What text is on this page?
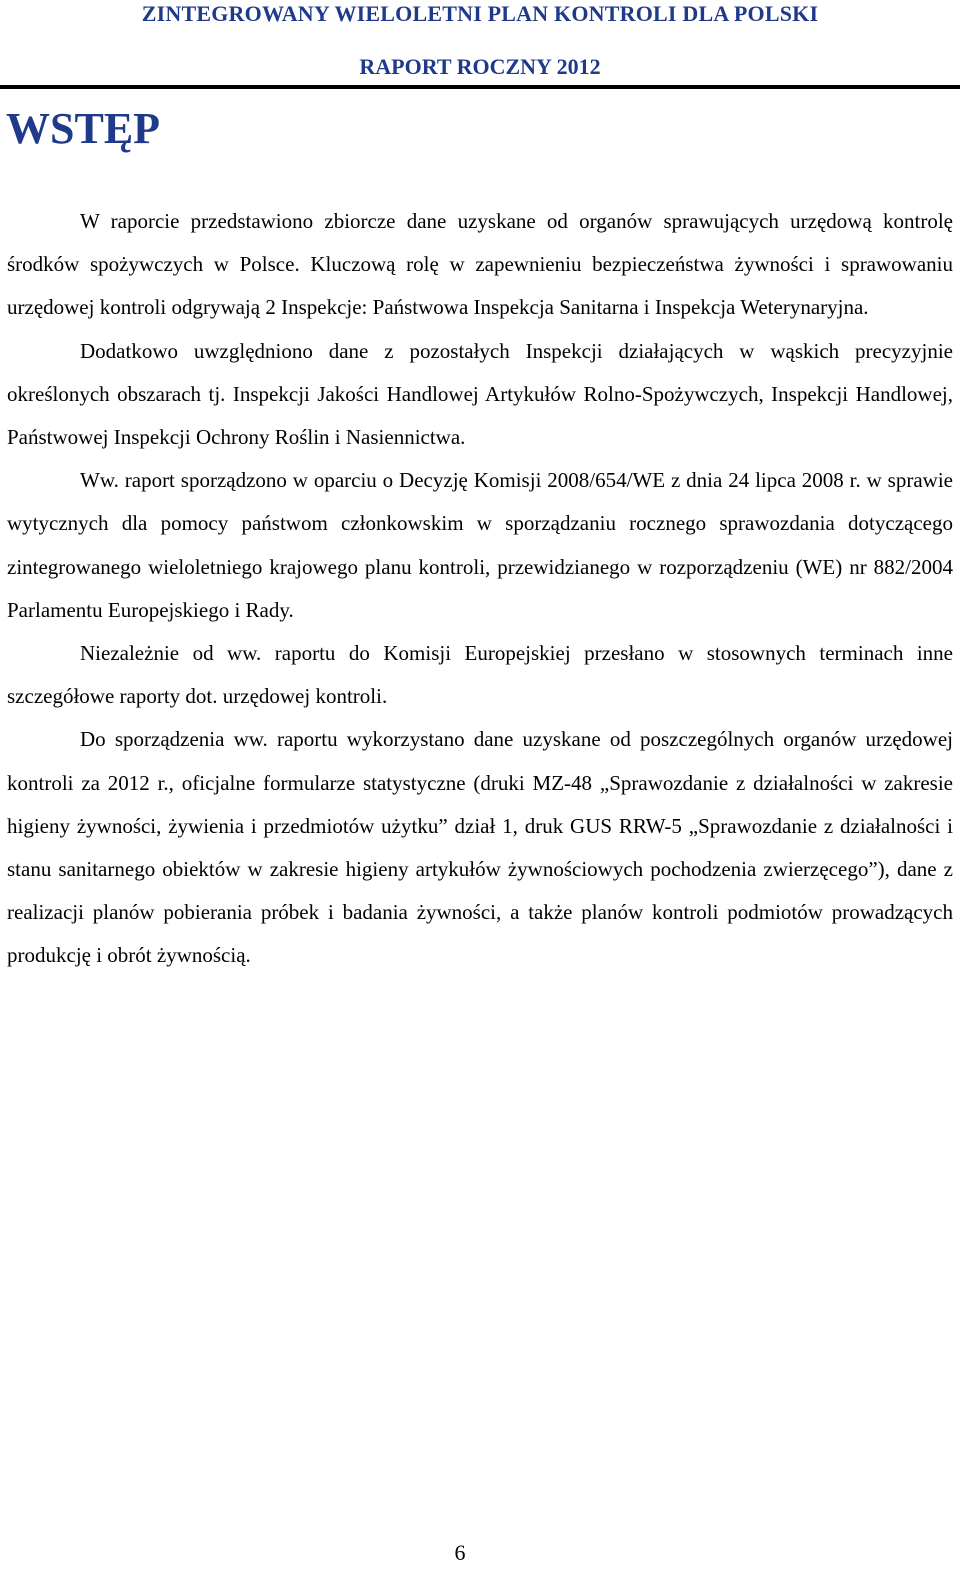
ZINTEGROWANY WIELOLETNI PLAN KONTROLI DLA POLSKI
RAPORT ROCZNY 2012
WSTĘP

W raporcie przedstawiono zbiorcze dane uzyskane od organów sprawujących urzędową kontrolę środków spożywczych w Polsce. Kluczową rolę w zapewnieniu bezpieczeństwa żywności i sprawowaniu urzędowej kontroli odgrywają 2 Inspekcje: Państwowa Inspekcja Sanitarna i Inspekcja Weterynaryjna.

Dodatkowo uwzględniono dane z pozostałych Inspekcji działających w wąskich precyzyjnie określonych obszarach tj. Inspekcji Jakości Handlowej Artykułów Rolno-Spożywczych, Inspekcji Handlowej, Państwowej Inspekcji Ochrony Roślin i Nasiennictwa.

Ww. raport sporządzono w oparciu o Decyzję Komisji 2008/654/WE z dnia 24 lipca 2008 r. w sprawie wytycznych dla pomocy państwom członkowskim w sporządzaniu rocznego sprawozdania dotyczącego zintegrowanego wieloletniego krajowego planu kontroli, przewidzianego w rozporządzeniu (WE) nr 882/2004 Parlamentu Europejskiego i Rady.

Niezależnie od ww. raportu do Komisji Europejskiej przesłano w stosownych terminach inne szczegółowe raporty dot. urzędowej kontroli.

Do sporządzenia ww. raportu wykorzystano dane uzyskane od poszczególnych organów urzędowej kontroli za 2012 r., oficjalne formularze statystyczne (druki MZ-48 „Sprawozdanie z działalności w zakresie higieny żywności, żywienia i przedmiotów użytku” dział 1, druk GUS RRW-5 „Sprawozdanie z działalności i stanu sanitarnego obiektów w zakresie higieny artykułów żywnościowych pochodzenia zwierzęcego”), dane z realizacji planów pobierania próbek i badania żywności, a także planów kontroli podmiotów prowadzących produkcję i obrót żywnością.

6
